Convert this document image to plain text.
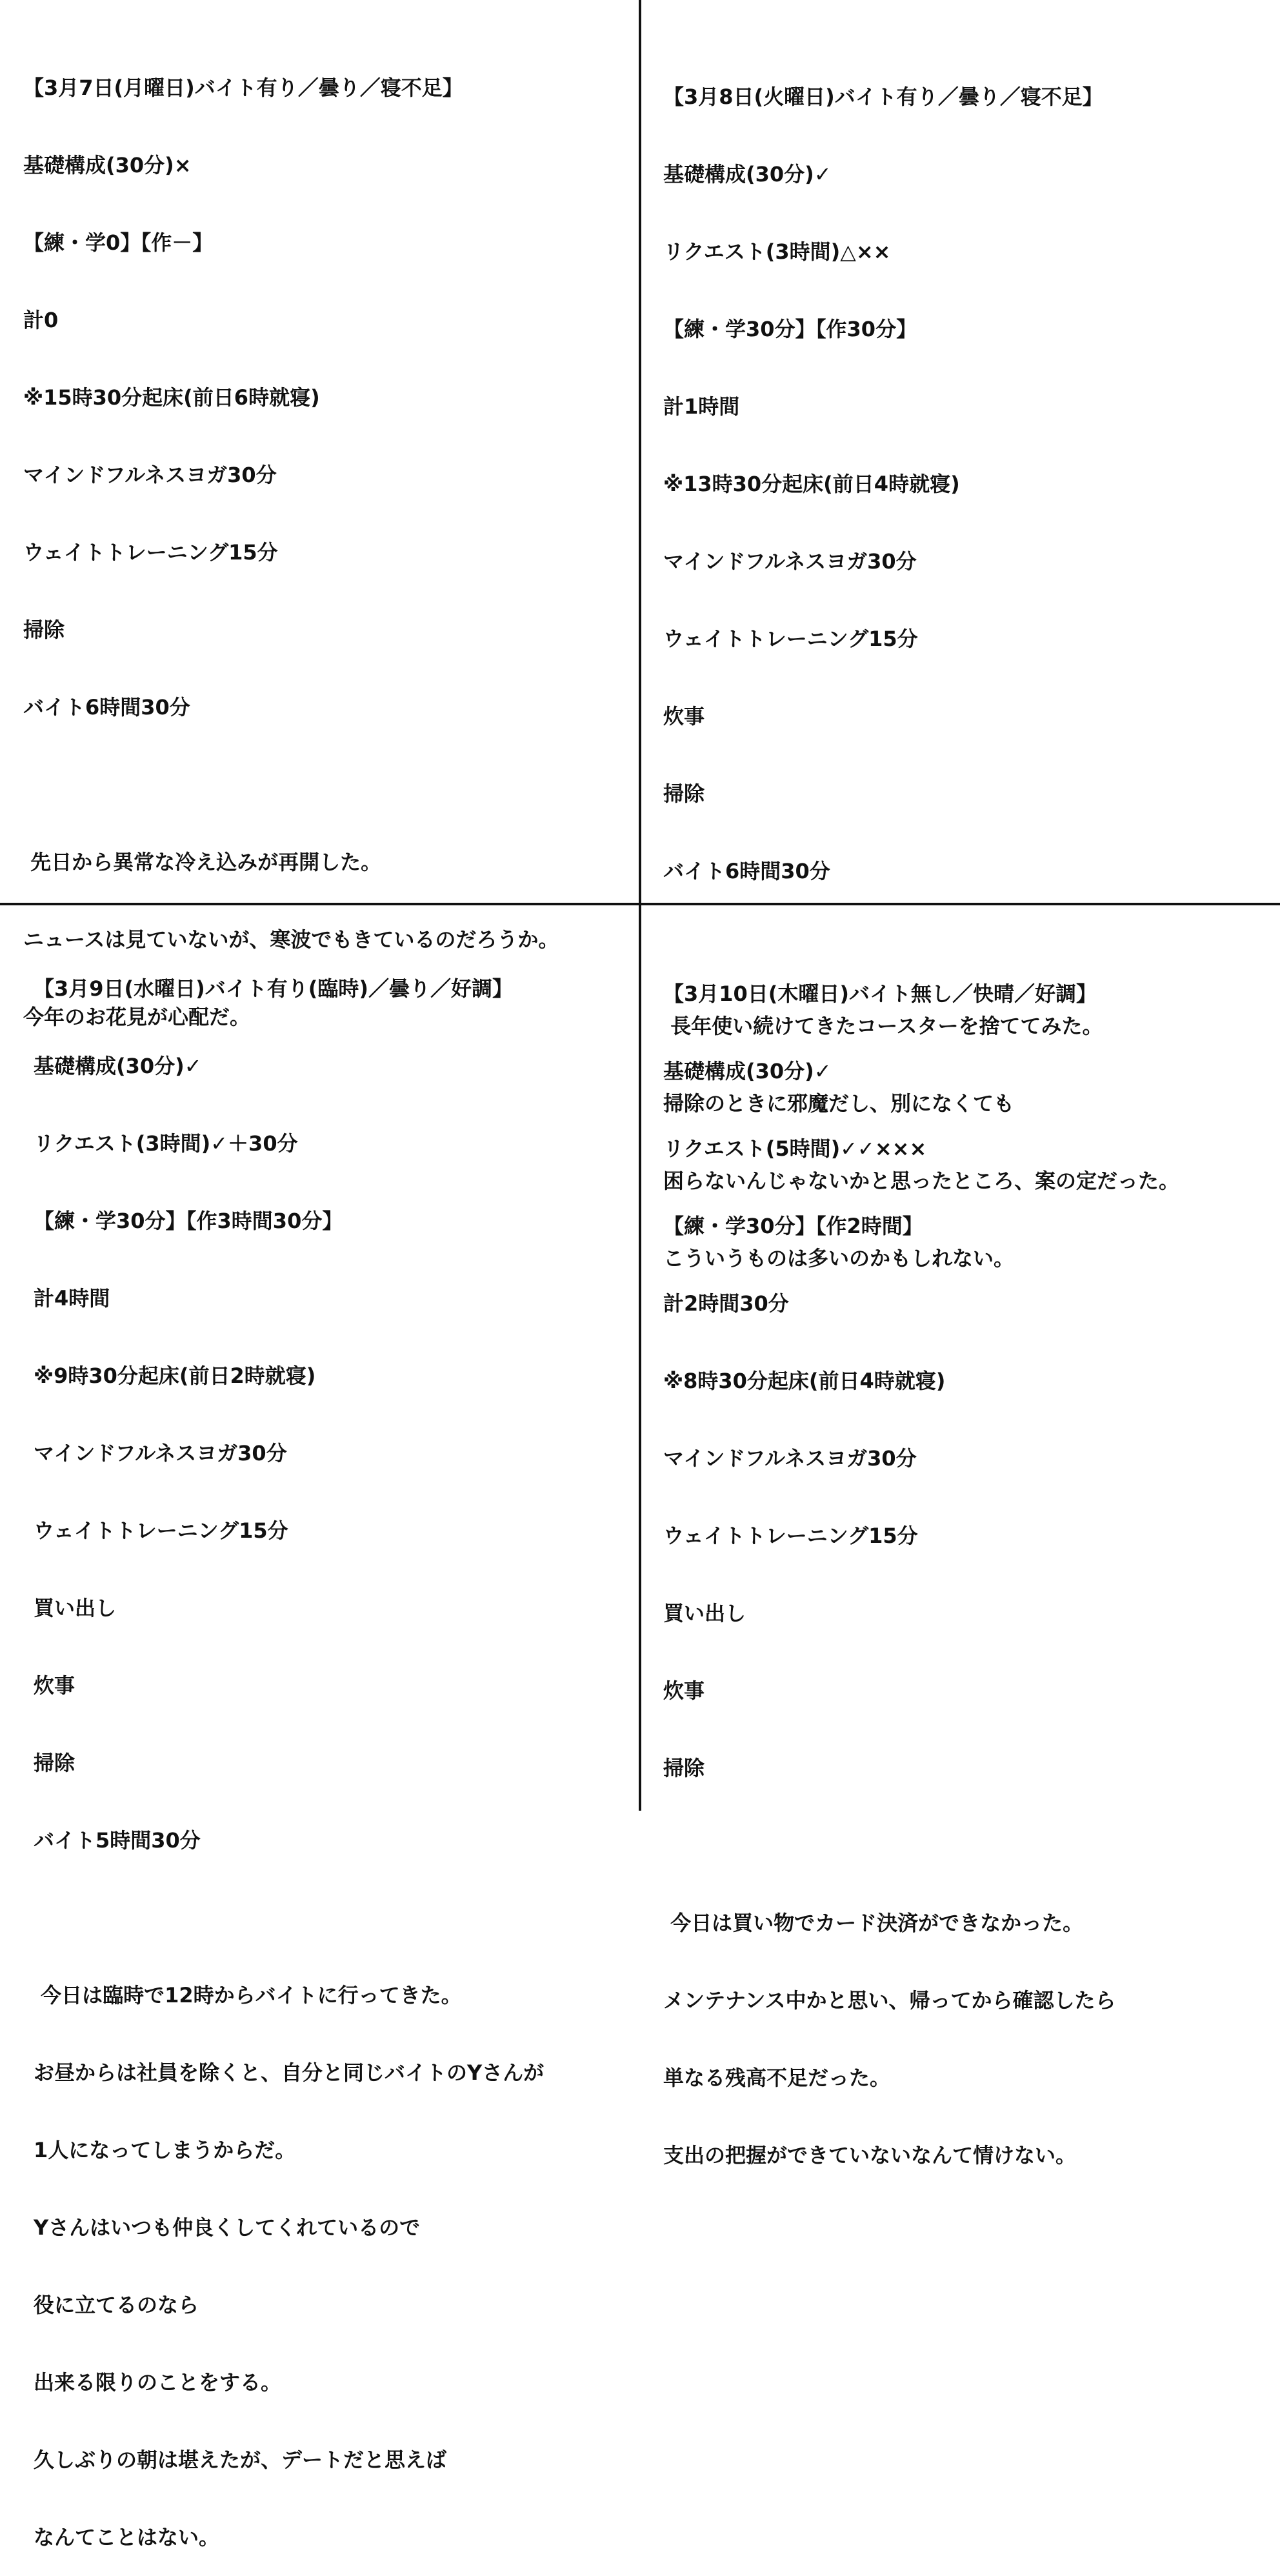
【3月7日(月曜日)バイト有り／曇り／寝不足】

基礎構成(30分)×

【練・学0】【作－】

計0

※15時30分起床(前日6時就寝)

マインドフルネスヨガ30分

ウェイトトレーニング15分

掃除

バイト6時間30分

先日から異常な冷え込みが再開した。

ニュースは見ていないが、寒波でもきているのだろうか。

今年のお花見が心配だ。

【3月8日(火曜日)バイト有り／曇り／寝不足】

基礎構成(30分)✓

リクエスト(3時間)△××

【練・学30分】【作30分】

計1時間

※13時30分起床(前日4時就寝)

マインドフルネスヨガ30分

ウェイトトレーニング15分

炊事

掃除

バイト6時間30分

長年使い続けてきたコースターを捨ててみた。

掃除のときに邪魔だし、別になくても

困らないんじゃないかと思ったところ、案の定だった。

こういうものは多いのかもしれない。

【3月9日(水曜日)バイト有り(臨時)／曇り／好調】

基礎構成(30分)✓

リクエスト(3時間)✓＋30分

【練・学30分】【作3時間30分】

計4時間

※9時30分起床(前日2時就寝)

マインドフルネスヨガ30分

ウェイトトレーニング15分

買い出し

炊事

掃除

バイト5時間30分

今日は臨時で12時からバイトに行ってきた。

お昼からは社員を除くと、自分と同じバイトのYさんが

1人になってしまうからだ。

Yさんはいつも仲良くしてくれているので

役に立てるのなら

出来る限りのことをする。

久しぶりの朝は堪えたが、デートだと思えば

なんてことはない。

【3月10日(木曜日)バイト無し／快晴／好調】

基礎構成(30分)✓

リクエスト(5時間)✓✓×××

【練・学30分】【作2時間】

計2時間30分

※8時30分起床(前日4時就寝)

マインドフルネスヨガ30分

ウェイトトレーニング15分

買い出し

炊事

掃除

今日は買い物でカード決済ができなかった。

メンテナンス中かと思い、帰ってから確認したら

単なる残高不足だった。

支出の把握ができていないなんて情けない。
